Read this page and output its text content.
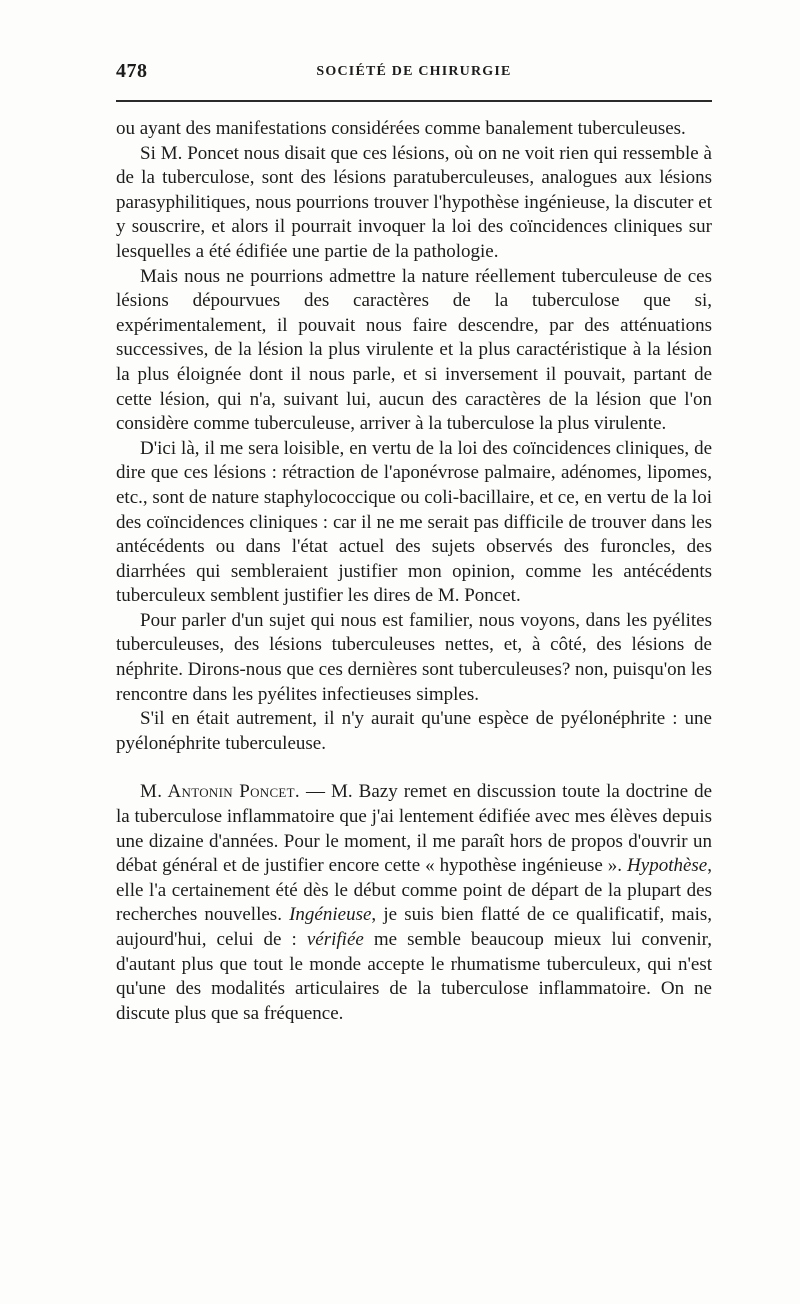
478	SOCIÉTÉ DE CHIRURGIE

ou ayant des manifestations considérées comme banalement tuberculeuses.

Si M. Poncet nous disait que ces lésions, où on ne voit rien qui ressemble à de la tuberculose, sont des lésions paratuberculeuses, analogues aux lésions parasyphilitiques, nous pourrions trouver l'hypothèse ingénieuse, la discuter et y souscrire, et alors il pourrait invoquer la loi des coïncidences cliniques sur lesquelles a été édifiée une partie de la pathologie.

Mais nous ne pourrions admettre la nature réellement tuberculeuse de ces lésions dépourvues des caractères de la tuberculose que si, expérimentalement, il pouvait nous faire descendre, par des atténuations successives, de la lésion la plus virulente et la plus caractéristique à la lésion la plus éloignée dont il nous parle, et si inversement il pouvait, partant de cette lésion, qui n'a, suivant lui, aucun des caractères de la lésion que l'on considère comme tuberculeuse, arriver à la tuberculose la plus virulente.

D'ici là, il me sera loisible, en vertu de la loi des coïncidences cliniques, de dire que ces lésions : rétraction de l'aponévrose palmaire, adénomes, lipomes, etc., sont de nature staphylococcique ou coli-bacillaire, et ce, en vertu de la loi des coïncidences cliniques : car il ne me serait pas difficile de trouver dans les antécédents ou dans l'état actuel des sujets observés des furoncles, des diarrhées qui sembleraient justifier mon opinion, comme les antécédents tuberculeux semblent justifier les dires de M. Poncet.

Pour parler d'un sujet qui nous est familier, nous voyons, dans les pyélites tuberculeuses, des lésions tuberculeuses nettes, et, à côté, des lésions de néphrite. Dirons-nous que ces dernières sont tuberculeuses? non, puisqu'on les rencontre dans les pyélites infectieuses simples.

S'il en était autrement, il n'y aurait qu'une espèce de pyélonéphrite : une pyélonéphrite tuberculeuse.

M. Antonin Poncet. — M. Bazy remet en discussion toute la doctrine de la tuberculose inflammatoire que j'ai lentement édifiée avec mes élèves depuis une dizaine d'années. Pour le moment, il me paraît hors de propos d'ouvrir un débat général et de justifier encore cette « hypothèse ingénieuse ». Hypothèse, elle l'a certainement été dès le début comme point de départ de la plupart des recherches nouvelles. Ingénieuse, je suis bien flatté de ce qualificatif, mais, aujourd'hui, celui de : vérifiée me semble beaucoup mieux lui convenir, d'autant plus que tout le monde accepte le rhumatisme tuberculeux, qui n'est qu'une des modalités articulaires de la tuberculose inflammatoire. On ne discute plus que sa fréquence.
